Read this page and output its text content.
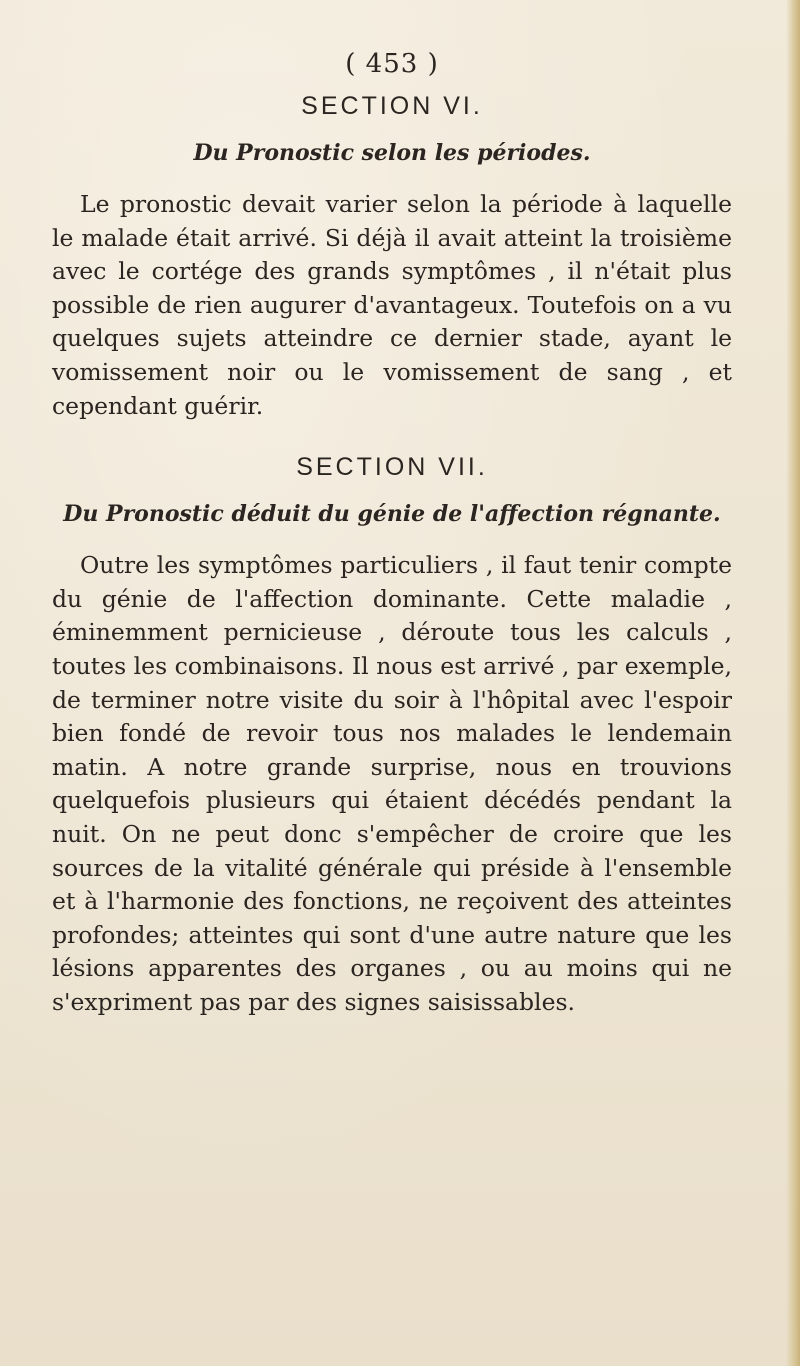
( 453 )
SECTION VI.
Du Pronostic selon les périodes.

Le pronostic devait varier selon la période à laquelle le malade était arrivé. Si déjà il avait atteint la troisième avec le cortége des grands symptômes , il n'était plus possible de rien augurer d'avantageux. Toutefois on a vu quelques sujets atteindre ce dernier stade, ayant le vomissement noir ou le vomissement de sang , et cependant guérir.

SECTION VII.
Du Pronostic déduit du génie de l'affection régnante.

Outre les symptômes particuliers , il faut tenir compte du génie de l'affection dominante. Cette maladie , éminemment pernicieuse , déroute tous les calculs , toutes les combinaisons. Il nous est arrivé , par exemple, de terminer notre visite du soir à l'hôpital avec l'espoir bien fondé de revoir tous nos malades le lendemain matin. A notre grande surprise, nous en trouvions quelquefois plusieurs qui étaient décédés pendant la nuit. On ne peut donc s'empêcher de croire que les sources de la vitalité générale qui préside à l'ensemble et à l'harmonie des fonctions, ne reçoivent des atteintes profondes; atteintes qui sont d'une autre nature que les lésions apparentes des organes , ou au moins qui ne s'expriment pas par des signes saisissables.
